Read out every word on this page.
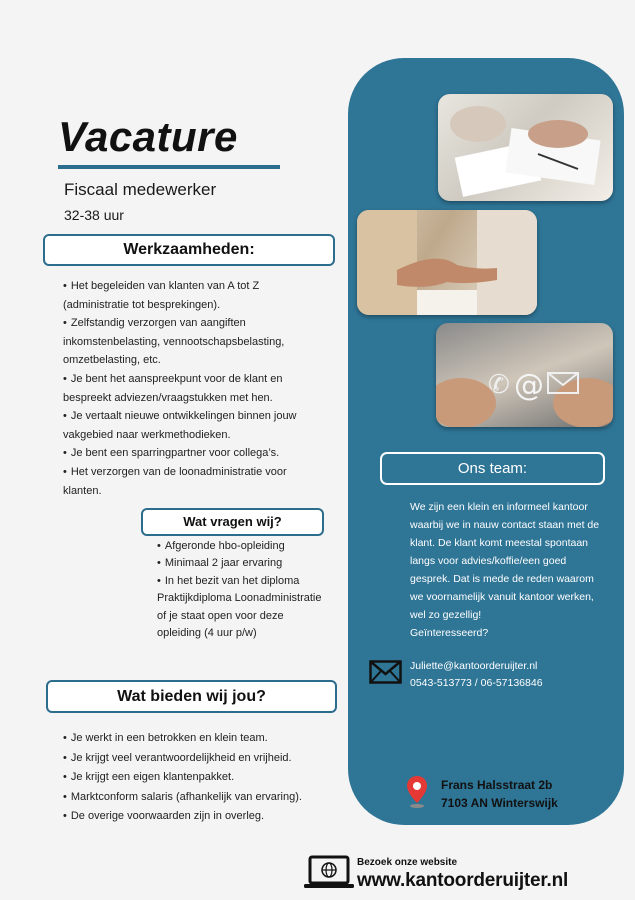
Vacature
Fiscaal medewerker
32-38 uur
Werkzaamheden:
• Het begeleiden van klanten van A tot Z (administratie tot besprekingen).
• Zelfstandig verzorgen van aangiften inkomstenbelasting, vennootschapsbelasting, omzetbelasting, etc.
• Je bent het aanspreekpunt voor de klant en bespreekt adviezen/vraagstukken met hen.
• Je vertaalt nieuwe ontwikkelingen binnen jouw vakgebied naar werkmethodieken.
• Je bent een sparringpartner voor collega’s.
• Het verzorgen van de loonadministratie voor klanten.
Wat vragen wij?
• Afgeronde hbo-opleiding
• Minimaal 2 jaar ervaring
• In het bezit van het diploma Praktijkdiploma Loonadministratie of je staat open voor deze opleiding (4 uur p/w)
Wat bieden wij jou?
• Je werkt in een betrokken en klein team.
• Je krijgt veel verantwoordelijkheid en vrijheid.
• Je krijgt een eigen klantenpakket.
• Marktconform salaris (afhankelijk van ervaring).
• De overige voorwaarden zijn in overleg.
✆ @
Ons team:
We zijn een klein en informeel kantoor waarbij we in nauw contact staan met de klant. De klant komt meestal spontaan langs voor advies/koffie/een goed gesprek. Dat is mede de reden waarom we voornamelijk vanuit kantoor werken, wel zo gezellig!
Geïnteresseerd?
Juliette@kantoorderuijter.nl
0543-513773 / 06-57136846
Frans Halsstraat 2b
7103 AN Winterswijk
Bezoek onze website
www.kantoorderuijter.nl
